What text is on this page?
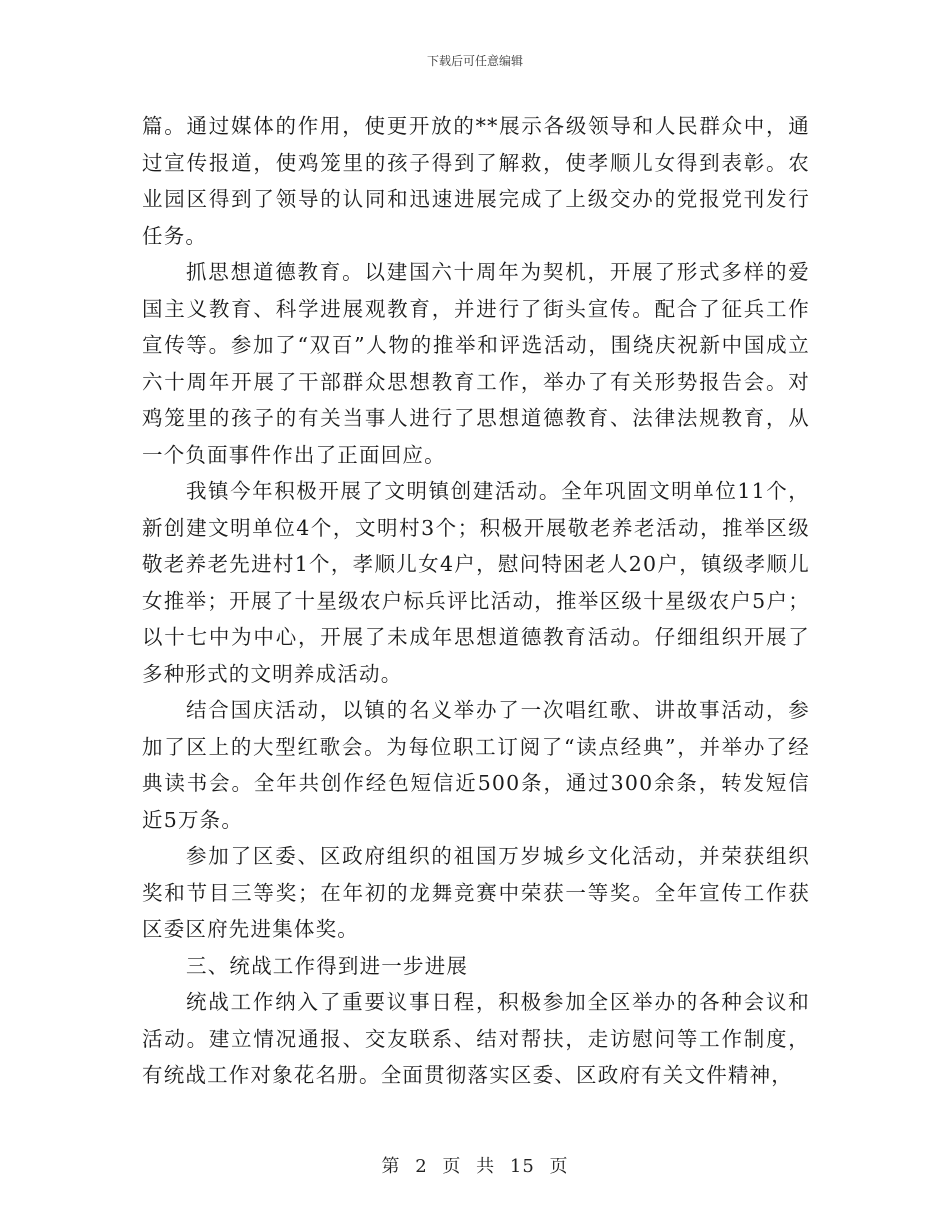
下载后可任意编辑

篇。通过媒体的作用，使更开放的**展示各级领导和人民群众中，通过宣传报道，使鸡笼里的孩子得到了解救，使孝顺儿女得到表彰。农业园区得到了领导的认同和迅速进展完成了上级交办的党报党刊发行任务。

抓思想道德教育。以建国六十周年为契机，开展了形式多样的爱国主义教育、科学进展观教育，并进行了街头宣传。配合了征兵工作宣传等。参加了“双百”人物的推举和评选活动，围绕庆祝新中国成立六十周年开展了干部群众思想教育工作，举办了有关形势报告会。对鸡笼里的孩子的有关当事人进行了思想道德教育、法律法规教育，从一个负面事件作出了正面回应。

我镇今年积极开展了文明镇创建活动。全年巩固文明单位11个，新创建文明单位4个，文明村3个；积极开展敬老养老活动，推举区级敬老养老先进村1个，孝顺儿女4户，慰问特困老人20户，镇级孝顺儿女推举；开展了十星级农户标兵评比活动，推举区级十星级农户5户；以十七中为中心，开展了未成年思想道德教育活动。仔细组织开展了多种形式的文明养成活动。

结合国庆活动，以镇的名义举办了一次唱红歌、讲故事活动，参加了区上的大型红歌会。为每位职工订阅了“读点经典”，并举办了经典读书会。全年共创作经色短信近500条，通过300余条，转发短信近5万条。

参加了区委、区政府组织的祖国万岁城乡文化活动，并荣获组织奖和节目三等奖；在年初的龙舞竞赛中荣获一等奖。全年宣传工作获区委区府先进集体奖。

三、统战工作得到进一步进展

统战工作纳入了重要议事日程，积极参加全区举办的各种会议和活动。建立情况通报、交友联系、结对帮扶，走访慰问等工作制度，有统战工作对象花名册。全面贯彻落实区委、区政府有关文件精神，

第 2 页 共 15 页
